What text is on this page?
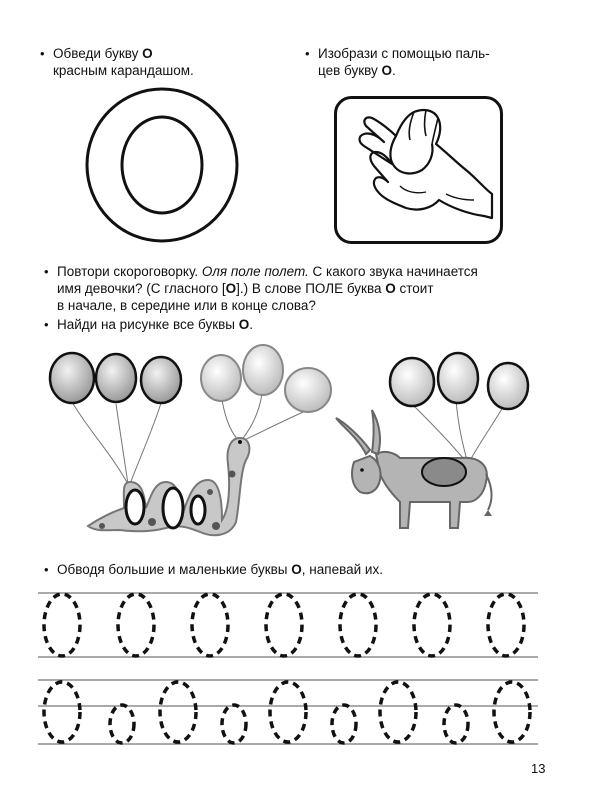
• Обведи букву О
красным карандашом.
• Изобрази с помощью паль-
цев букву О.
• Повтори скороговорку. Оля поле полет. С какого звука начинается
имя девочки? (С гласного [О].) В слове ПОЛЕ буква О стоит
в начале, в середине или в конце слова?
• Найди на рисунке все буквы О.
• Обводя большие и маленькие буквы О, напевай их.
13
